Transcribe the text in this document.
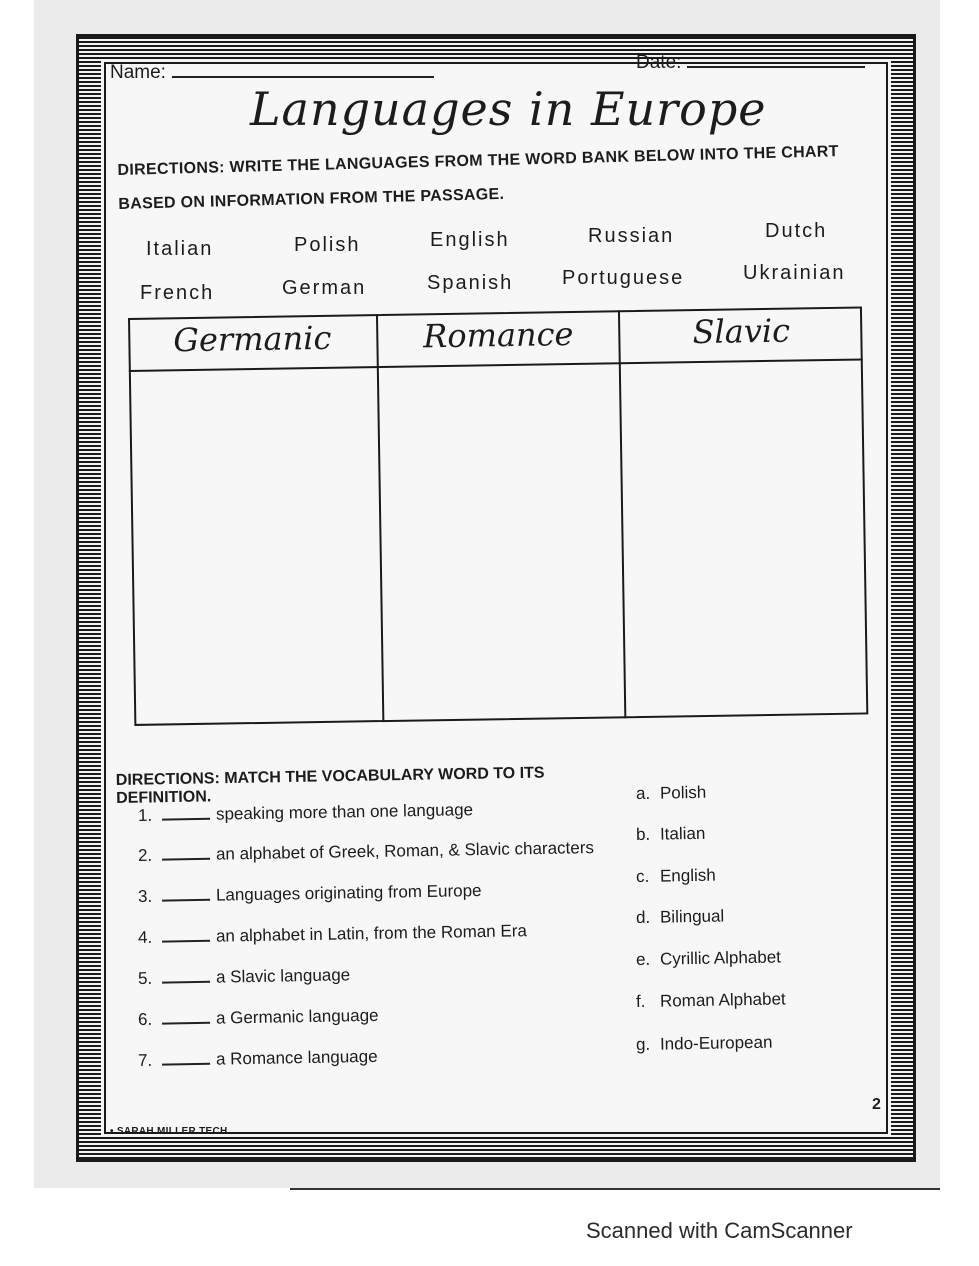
Name:	Date:
Languages in Europe
DIRECTIONS: WRITE THE LANGUAGES FROM THE WORD BANK BELOW INTO THE CHART BASED ON INFORMATION FROM THE PASSAGE.
Italian	Polish	English	Russian	Dutch
French	German	Spanish Portuguese	Ukrainian
Germanic	Romance	Slavic
DIRECTIONS: MATCH THE VOCABULARY WORD TO ITS DEFINITION.
1.	speaking more than one language
2.	an alphabet of Greek, Roman, & Slavic characters
3.	Languages originating from Europe
4.	an alphabet in Latin, from the Roman Era
5.	a Slavic language
6.	a Germanic language
7.	a Romance language
a. Polish
b. Italian
c. English
d. Bilingual
e. Cyrillic Alphabet
f. Roman Alphabet
g. Indo-European
2
• SARAH MILLER TECH
Scanned with CamScanner
